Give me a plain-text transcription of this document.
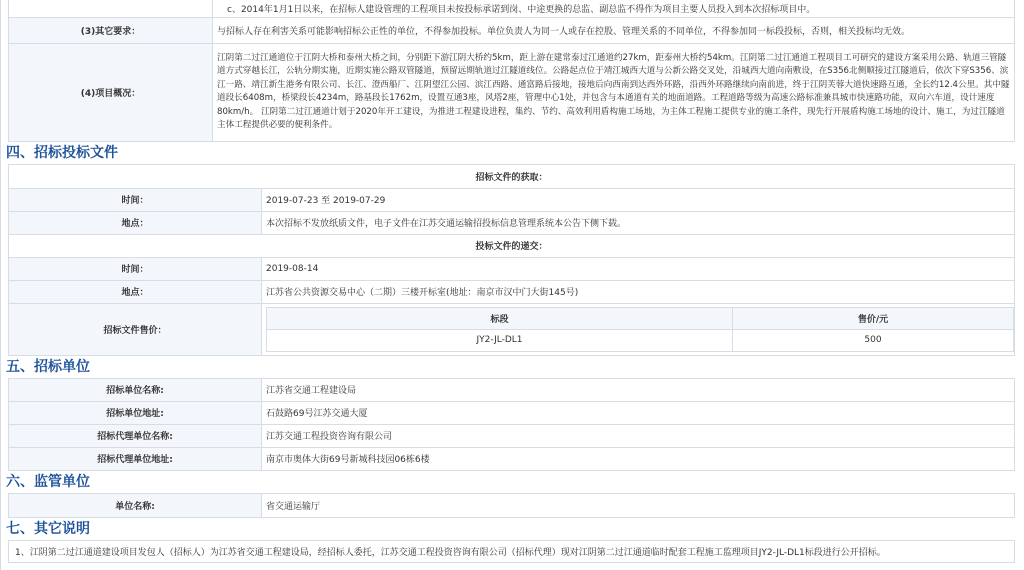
	c、2014年1月1日以来，在招标人建设管理的工程项目未按投标承诺到岗、中途更换的总监、副总监不得作为项目主要人员投入到本次招标项目中。
(3)其它要求：	与招标人存在利害关系可能影响招标公正性的单位，不得参加投标。单位负责人为同一人或存在控股、管理关系的不同单位，不得参加同一标段投标，否则，相关投标均无效。
(4)项目概况：	江阴第二过江通道位于江阴大桥和泰州大桥之间，分别距下游江阴大桥约5km，距上游在建常泰过江通道约27km，距泰州大桥约54km。江阴第二过江通道工程项目工可研究的建设方案采用公路、轨道三管隧道方式穿越长江，公轨分期实施，近期实施公路双管隧道，预留远期轨道过江隧道线位。公路起点位于靖江城西大道与公新公路交叉处，沿城西大道向南敷设，在S356北侧顺接过江隧道后，依次下穿S356、滨江一路、靖江新生港务有限公司、长江、澄西船厂、江阴望江公园、滨江西路、通富路后接地，接地后向西南到达西外环路，沿西外环路继续向南前进，终于江阴芙蓉大道快速路互通，全长约12.4公里。其中隧道段长6408m，桥梁段长4234m，路基段长1762m，设置互通3座，风塔2座，管理中心1处，并包含与本通道有关的地面道路。工程道路等级为高速公路标准兼具城市快速路功能，双向六车道，设计速度80km/h。 江阴第二过江通道计划于2020年开工建设，为推进工程建设进程，集约、节约、高效利用盾构施工场地，为主体工程施工提供专业的施工条件，现先行开展盾构施工场地的设计、施工，为过江隧道主体工程提供必要的便利条件。
四、招标投标文件
招标文件的获取：
时间：	2019-07-23 至 2019-07-29
地点：	本次招标不发放纸质文件，电子文件在江苏交通运输招投标信息管理系统本公告下侧下载。
投标文件的递交：
时间：	2019-08-14
地点：	江苏省公共资源交易中心（二期）三楼开标室(地址：南京市汉中门大街145号)
招标文件售价：	
标段	售价/元
JY2-JL-DL1	500
五、招标单位
招标单位名称:	江苏省交通工程建设局
招标单位地址:	石鼓路69号江苏交通大厦
招标代理单位名称:	江苏交通工程投资咨询有限公司
招标代理单位地址:	南京市奥体大街69号新城科技园06栋6楼
六、监管单位
单位名称:	省交通运输厅
七、其它说明
1、江阴第二过江通道建设项目发包人（招标人）为江苏省交通工程建设局，经招标人委托，江苏交通工程投资咨询有限公司（招标代理）现对江阴第二过江通道临时配套工程施工监理项目JY2-JL-DL1标段进行公开招标。
